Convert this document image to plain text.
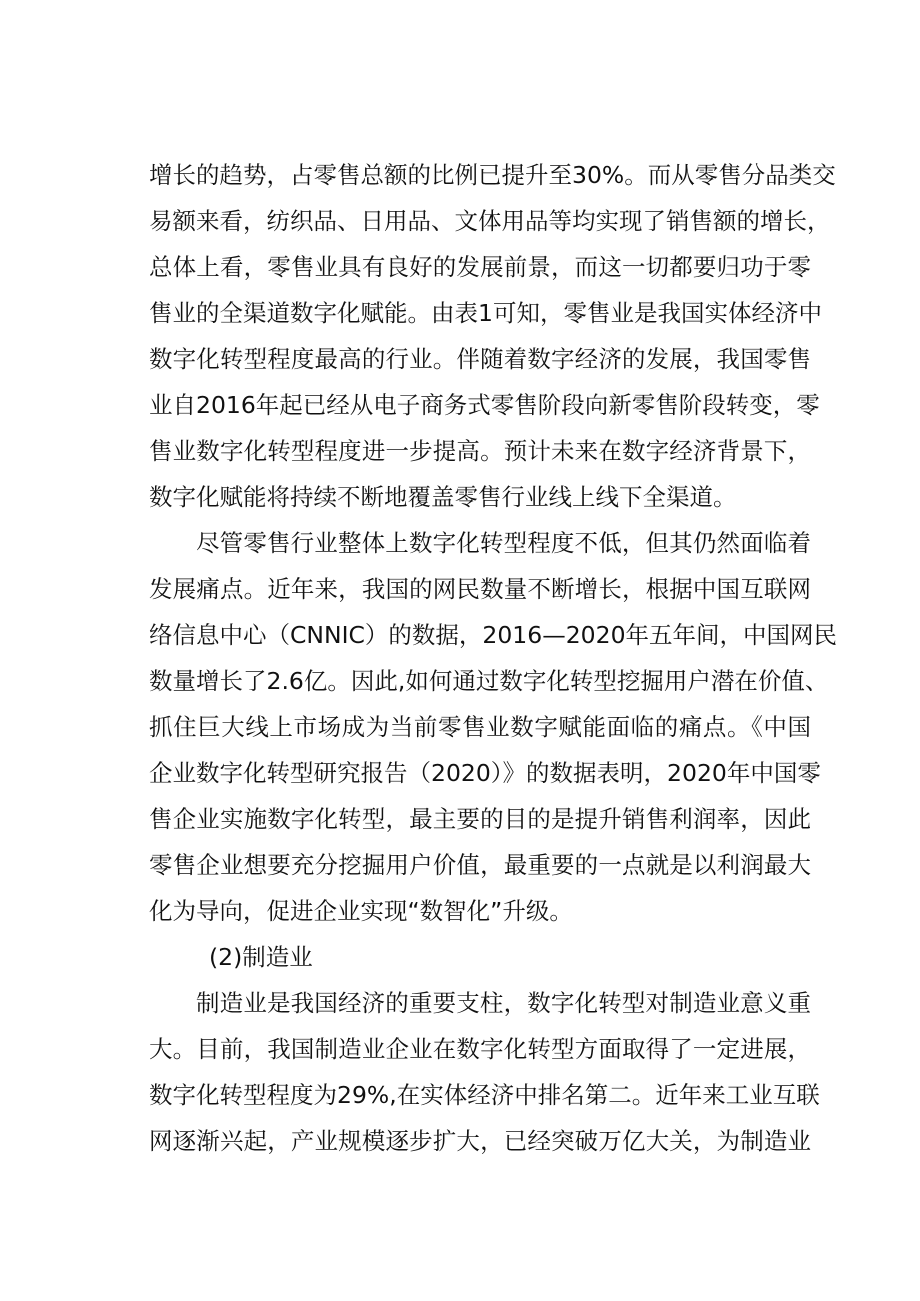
增长的趋势，占零售总额的比例已提升至30%。而从零售分品类交
易额来看，纺织品、日用品、文体用品等均实现了销售额的增长，
总体上看，零售业具有良好的发展前景，而这一切都要归功于零
售业的全渠道数字化赋能。由表1可知，零售业是我国实体经济中
数字化转型程度最高的行业。伴随着数字经济的发展，我国零售
业自2016年起已经从电子商务式零售阶段向新零售阶段转变，零
售业数字化转型程度进一步提高。预计未来在数字经济背景下，
数字化赋能将持续不断地覆盖零售行业线上线下全渠道。
尽管零售行业整体上数字化转型程度不低，但其仍然面临着
发展痛点。近年来，我国的网民数量不断增长，根据中国互联网
络信息中心（CNNIC）的数据，2016—2020年五年间，中国网民
数量增长了2.6亿。因此,如何通过数字化转型挖掘用户潜在价值、
抓住巨大线上市场成为当前零售业数字赋能面临的痛点。《中国
企业数字化转型研究报告（2020）》的数据表明，2020年中国零
售企业实施数字化转型，最主要的目的是提升销售利润率，因此
零售企业想要充分挖掘用户价值，最重要的一点就是以利润最大
化为导向，促进企业实现“数智化”升级。
(2)制造业
制造业是我国经济的重要支柱，数字化转型对制造业意义重
大。目前，我国制造业企业在数字化转型方面取得了一定进展，
数字化转型程度为29%,在实体经济中排名第二。近年来工业互联
网逐渐兴起，产业规模逐步扩大，已经突破万亿大关，为制造业
